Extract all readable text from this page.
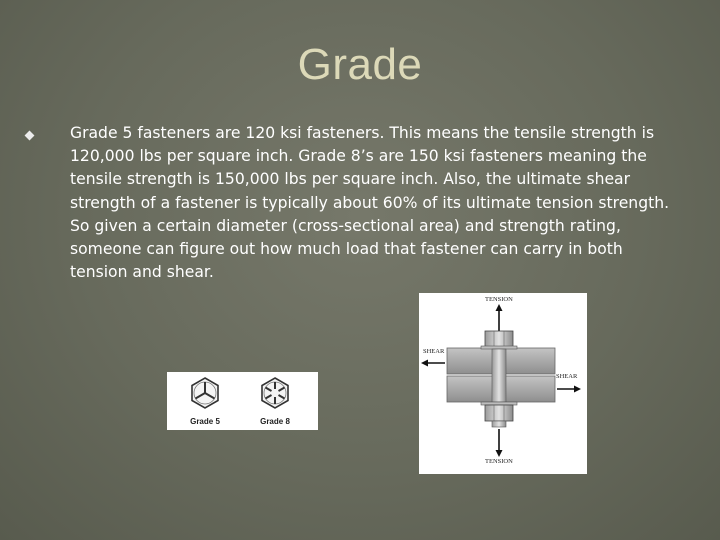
Grade
Grade 5 fasteners are 120 ksi fasteners. This means the tensile strength is 120,000 lbs per square inch. Grade 8’s are 150 ksi fasteners meaning the tensile strength is 150,000 lbs per square inch. Also, the ultimate shear strength of a fastener is typically about 60% of its ultimate tension strength. So given a certain diameter (cross-sectional area) and strength rating, someone can figure out how much load that fastener can carry in both tension and shear.
Grade 5	Grade 8
TENSION
TENSION
SHEAR
SHEAR
